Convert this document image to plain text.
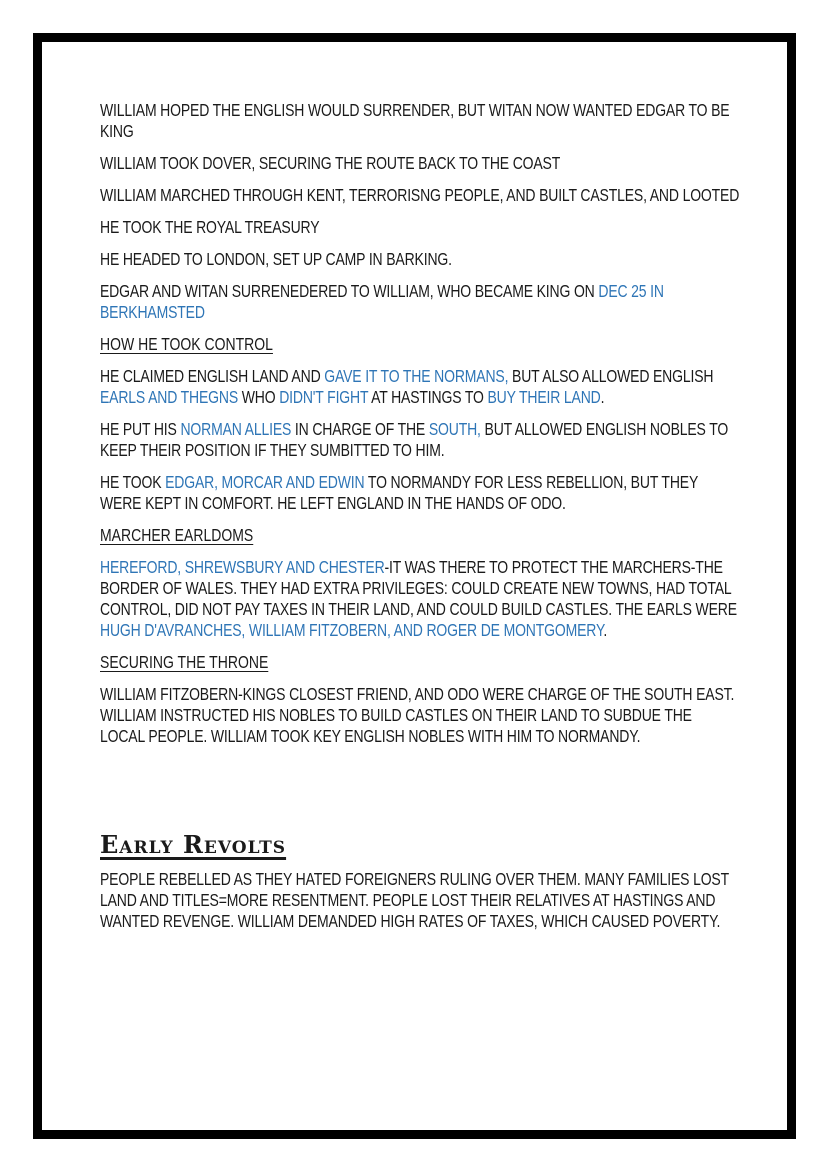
WILLIAM HOPED THE ENGLISH WOULD SURRENDER, BUT WITAN NOW WANTED EDGAR TO BE KING
WILLIAM TOOK DOVER, SECURING THE ROUTE BACK TO THE COAST
WILLIAM MARCHED THROUGH KENT, TERRORISNG PEOPLE, AND BUILT CASTLES, AND LOOTED
HE TOOK THE ROYAL TREASURY
HE HEADED TO LONDON, SET UP CAMP IN BARKING.
EDGAR AND WITAN SURRENEDERED TO WILLIAM, WHO BECAME KING ON DEC 25 IN BERKHAMSTED
HOW HE TOOK CONTROL
HE CLAIMED ENGLISH LAND AND GAVE IT TO THE NORMANS, BUT ALSO ALLOWED ENGLISH EARLS AND THEGNS WHO DIDN'T FIGHT AT HASTINGS TO BUY THEIR LAND.
HE PUT HIS NORMAN ALLIES IN CHARGE OF THE SOUTH, BUT ALLOWED ENGLISH NOBLES TO KEEP THEIR POSITION IF THEY SUMBITTED TO HIM.
HE TOOK EDGAR, MORCAR AND EDWIN TO NORMANDY FOR LESS REBELLION, BUT THEY WERE KEPT IN COMFORT. HE LEFT ENGLAND IN THE HANDS OF ODO.
MARCHER EARLDOMS
HEREFORD, SHREWSBURY AND CHESTER-IT WAS THERE TO PROTECT THE MARCHERS-THE BORDER OF WALES. THEY HAD EXTRA PRIVILEGES: COULD CREATE NEW TOWNS, HAD TOTAL CONTROL, DID NOT PAY TAXES IN THEIR LAND, AND COULD BUILD CASTLES. THE EARLS WERE HUGH D'AVRANCHES, WILLIAM FITZOBERN, AND ROGER DE MONTGOMERY.
SECURING THE THRONE
WILLIAM FITZOBERN-KINGS CLOSEST FRIEND, AND ODO WERE CHARGE OF THE SOUTH EAST. WILLIAM INSTRUCTED HIS NOBLES TO BUILD CASTLES ON THEIR LAND TO SUBDUE THE LOCAL PEOPLE. WILLIAM TOOK KEY ENGLISH NOBLES WITH HIM TO NORMANDY.
Early Revolts
PEOPLE REBELLED AS THEY HATED FOREIGNERS RULING OVER THEM. MANY FAMILIES LOST LAND AND TITLES=MORE RESENTMENT. PEOPLE LOST THEIR RELATIVES AT HASTINGS AND WANTED REVENGE. WILLIAM DEMANDED HIGH RATES OF TAXES, WHICH CAUSED POVERTY.
